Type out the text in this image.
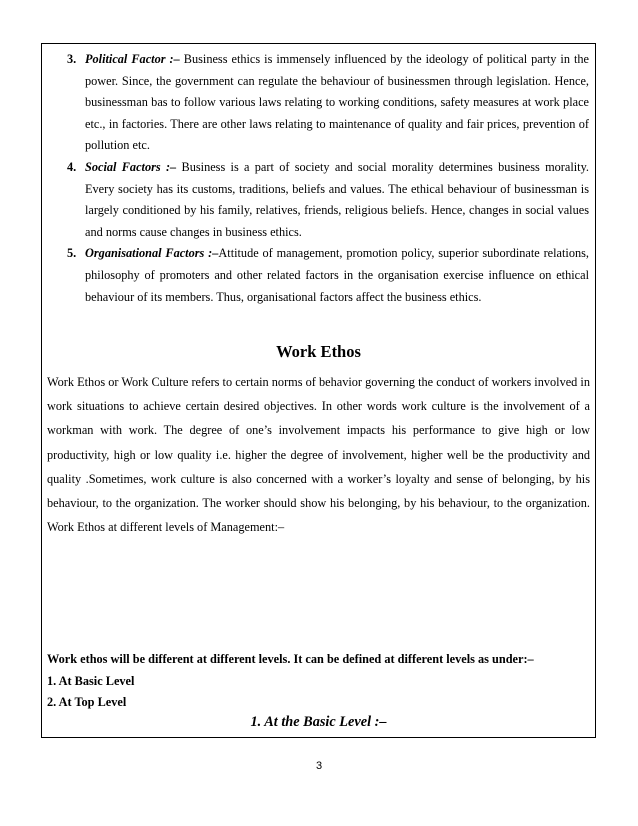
3. Political Factor :– Business ethics is immensely influenced by the ideology of political party in the power. Since, the government can regulate the behaviour of businessmen through legislation. Hence, businessman bas to follow various laws relating to working conditions, safety measures at work place etc., in factories. There are other laws relating to maintenance of quality and fair prices, prevention of pollution etc.
4. Social Factors :– Business is a part of society and social morality determines business morality. Every society has its customs, traditions, beliefs and values. The ethical behaviour of businessman is largely conditioned by his family, relatives, friends, religious beliefs. Hence, changes in social values and norms cause changes in business ethics.
5. Organisational Factors :–Attitude of management, promotion policy, superior subordinate relations, philosophy of promoters and other related factors in the organisation exercise influence on ethical behaviour of its members. Thus, organisational factors affect the business ethics.
Work Ethos
Work Ethos or Work Culture refers to certain norms of behavior governing the conduct of workers involved in work situations to achieve certain desired objectives. In other words work culture is the involvement of a workman with work. The degree of one’s involvement impacts his performance to give high or low productivity, high or low quality i.e. higher the degree of involvement, higher well be the productivity and quality .Sometimes, work culture is also concerned with a worker’s loyalty and sense of belonging, by his behaviour, to the organization. The worker should show his belonging, by his behaviour, to the organization. Work Ethos at different levels of Management:–
Work ethos will be different at different levels. It can be defined at different levels as under:–
1. At Basic Level
2. At Top Level
1. At the Basic Level :–
3
